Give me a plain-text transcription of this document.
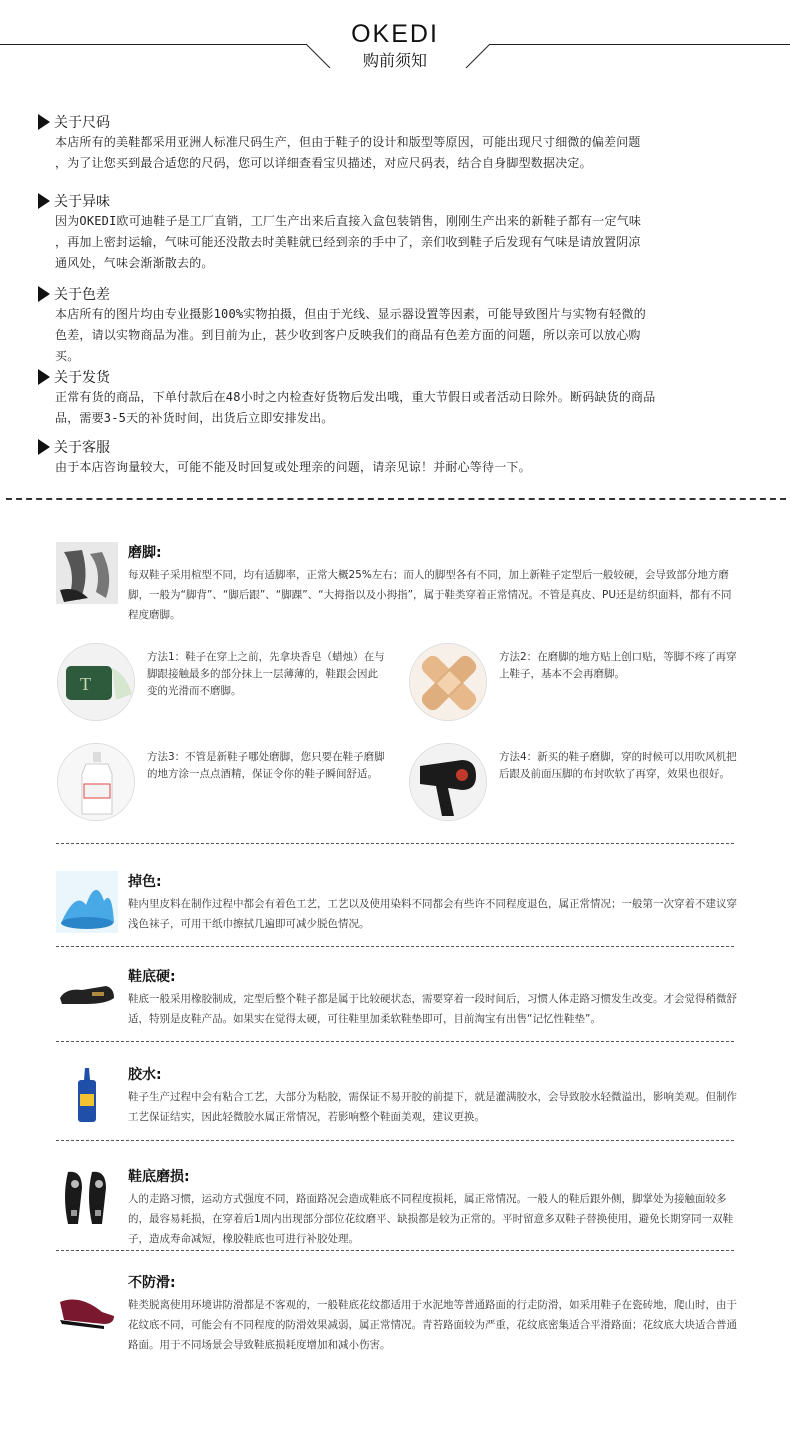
OKEDI
购前须知
关于尺码
本店所有的美鞋都采用亚洲人标准尺码生产，但由于鞋子的设计和版型等原因，可能出现尺寸细微的偏差问题
，为了让您买到最合适您的尺码，您可以详细查看宝贝描述，对应尺码表，结合自身脚型数据决定。
关于异味
因为OKEDI欧可迪鞋子是工厂直销，工厂生产出来后直接入盒包装销售，刚刚生产出来的新鞋子都有一定气味
，再加上密封运输，气味可能还没散去时美鞋就已经到亲的手中了，亲们收到鞋子后发现有气味是请放置阴凉
通风处，气味会渐渐散去的。
关于色差
本店所有的图片均由专业摄影100%实物拍摄，但由于光线、显示器设置等因素，可能导致图片与实物有轻微的
色差，请以实物商品为准。到目前为止，甚少收到客户反映我们的商品有色差方面的问题，所以亲可以放心购
买。
关于发货
正常有货的商品，下单付款后在48小时之内检查好货物后发出哦，重大节假日或者活动日除外。断码缺货的商品
品，需要3-5天的补货时间，出货后立即安排发出。
关于客服
由于本店咨询量较大，可能不能及时回复或处理亲的问题，请亲见谅！并耐心等待一下。
磨脚:
每双鞋子采用楦型不同，均有适脚率，正常大概25%左右；而人的脚型各有不同，加上新鞋子定型后一般较硬，会导致部分地方磨脚，一般为“脚背”、“脚后跟”、“脚踝”、“大拇指以及小拇指”，属于鞋类穿着正常情况。不管是真皮、PU还是纺织面料，都有不同程度磨脚。
T
方法1：鞋子在穿上之前，先拿块香皂（蜡烛）在与脚跟接触最多的部分抹上一层薄薄的，鞋跟会因此变的光滑而不磨脚。
方法2：在磨脚的地方贴上创口贴，等脚不疼了再穿上鞋子，基本不会再磨脚。
方法3：不管是新鞋子哪处磨脚，您只要在鞋子磨脚的地方涂一点点酒精，保证令你的鞋子瞬间舒适。
方法4：新买的鞋子磨脚，穿的时候可以用吹风机把后跟及前面压脚的布封吹软了再穿，效果也很好。
掉色:
鞋内里皮料在制作过程中都会有着色工艺，工艺以及使用染料不同都会有些许不同程度退色，属正常情况；一般第一次穿着不建议穿浅色袜子，可用干纸巾擦拭几遍即可减少脱色情况。
鞋底硬:
鞋底一般采用橡胶制成，定型后整个鞋子都是属于比较硬状态，需要穿着一段时间后，习惯人体走路习惯发生改变。才会觉得稍微舒适，特别是皮鞋产品。如果实在觉得太硬，可往鞋里加柔软鞋垫即可，目前淘宝有出售“记忆性鞋垫”。
胶水:
鞋子生产过程中会有粘合工艺，大部分为粘胶，需保证不易开胶的前提下，就是灌满胶水，会导致胶水轻微溢出，影响美观。但制作工艺保证结实，因此轻微胶水属正常情况，若影响整个鞋面美观，建议更换。
鞋底磨损:
人的走路习惯，运动方式强度不同，路面路况会造成鞋底不同程度损耗，属正常情况。一般人的鞋后跟外侧，脚掌处为接触面较多的，最容易耗损，在穿着后1周内出现部分部位花纹磨平、缺损都是较为正常的。平时留意多双鞋子替换使用，避免长期穿同一双鞋子，造成寿命减短，橡胶鞋底也可进行补胶处理。
不防滑:
鞋类脱离使用环境讲防滑都是不客观的，一般鞋底花纹都适用于水泥地等普通路面的行走防滑，如采用鞋子在瓷砖地，爬山时，由于花纹底不同，可能会有不同程度的防滑效果减弱，属正常情况。青苔路面较为严重，花纹底密集适合平滑路面；花纹底大块适合普通路面。用于不同场景会导致鞋底损耗度增加和减小伤害。
